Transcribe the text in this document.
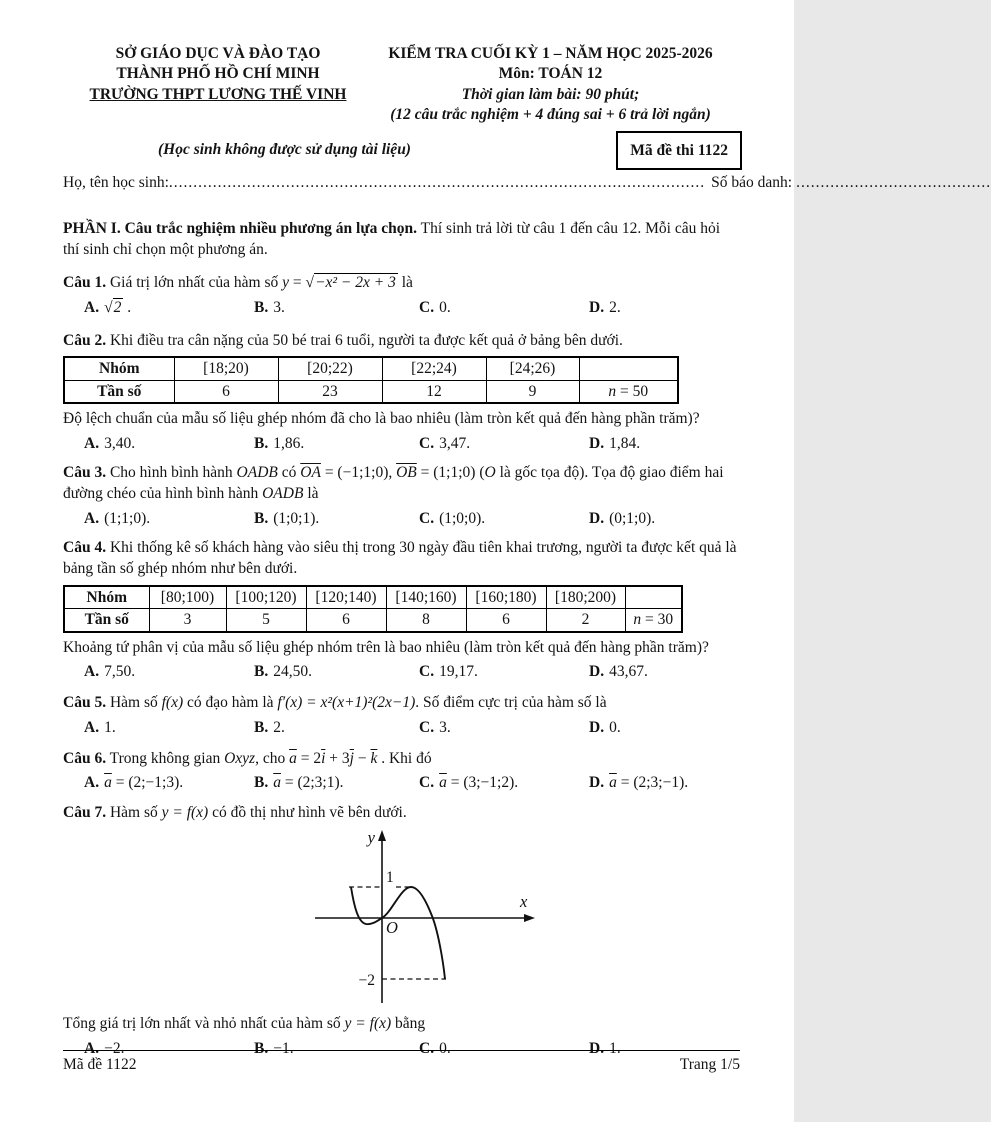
SỞ GIÁO DỤC VÀ ĐÀO TẠO
THÀNH PHỐ HỒ CHÍ MINH
TRƯỜNG THPT LƯƠNG THẾ VINH
KIỂM TRA CUỐI KỲ 1 – NĂM HỌC 2025-2026
Môn: TOÁN 12
Thời gian làm bài: 90 phút;
(12 câu trắc nghiệm + 4 đúng sai + 6 trả lời ngắn)
(Học sinh không được sử dụng tài liệu)	Mã đề thi 1122
Họ, tên học sinh: .............................................................................................................. Số báo danh: ........................................
PHẦN I. Câu trắc nghiệm nhiều phương án lựa chọn. Thí sinh trả lời từ câu 1 đến câu 12. Mỗi câu hỏi thí sinh chỉ chọn một phương án.
Câu 1. Giá trị lớn nhất của hàm số y = √−x² − 2x + 3 là
A. √2 .	B. 3.	C. 0.	D. 2.
Câu 2. Khi điều tra cân nặng của 50 bé trai 6 tuổi, người ta được kết quả ở bảng bên dưới.
Nhóm	[18;20)	[20;22)	[22;24)	[24;26)	
Tần số	6	23	12	9	n = 50
Độ lệch chuẩn của mẫu số liệu ghép nhóm đã cho là bao nhiêu (làm tròn kết quả đến hàng phần trăm)?
A. 3,40.	B. 1,86.	C. 3,47.	D. 1,84.
Câu 3. Cho hình bình hành OADB có $\overline{OA}$ = (−1;1;0), $\overline{OB}$ = (1;1;0) (O là gốc tọa độ). Tọa độ giao điểm hai đường chéo của hình bình hành OADB là
A. (1;1;0).	B. (1;0;1).	C. (1;0;0).	D. (0;1;0).
Câu 4. Khi thống kê số khách hàng vào siêu thị trong 30 ngày đầu tiên khai trương, người ta được kết quả là bảng tần số ghép nhóm như bên dưới.
Nhóm	[80;100)	[100;120)	[120;140)	[140;160)	[160;180)	[180;200)	
Tần số	3	5	6	8	6	2	n = 30
Khoảng tứ phân vị của mẫu số liệu ghép nhóm trên là bao nhiêu (làm tròn kết quả đến hàng phần trăm)?
A. 7,50.	B. 24,50.	C. 19,17.	D. 43,67.
Câu 5. Hàm số f(x) có đạo hàm là f′(x) = x²(x+1)²(2x−1). Số điểm cực trị của hàm số là
A. 1.	B. 2.	C. 3.	D. 0.
Câu 6. Trong không gian Oxyz, cho $\overline{a} = 2\overline{i} + 3\overline{j} - \overline{k}$ . Khi đó
A. $\overline{a}$ = (2;−1;3).	B. $\overline{a}$ = (2;3;1).	C. $\overline{a}$ = (3;−1;2).	D. $\overline{a}$ = (2;3;−1).
Câu 7. Hàm số y = f(x) có đồ thị như hình vẽ bên dưới.
y
x
O
1
−2
Tổng giá trị lớn nhất và nhỏ nhất của hàm số y = f(x) bằng
A. −2.	B. −1.	C. 0.	D. 1.
Mã đề 1122	Trang 1/5
